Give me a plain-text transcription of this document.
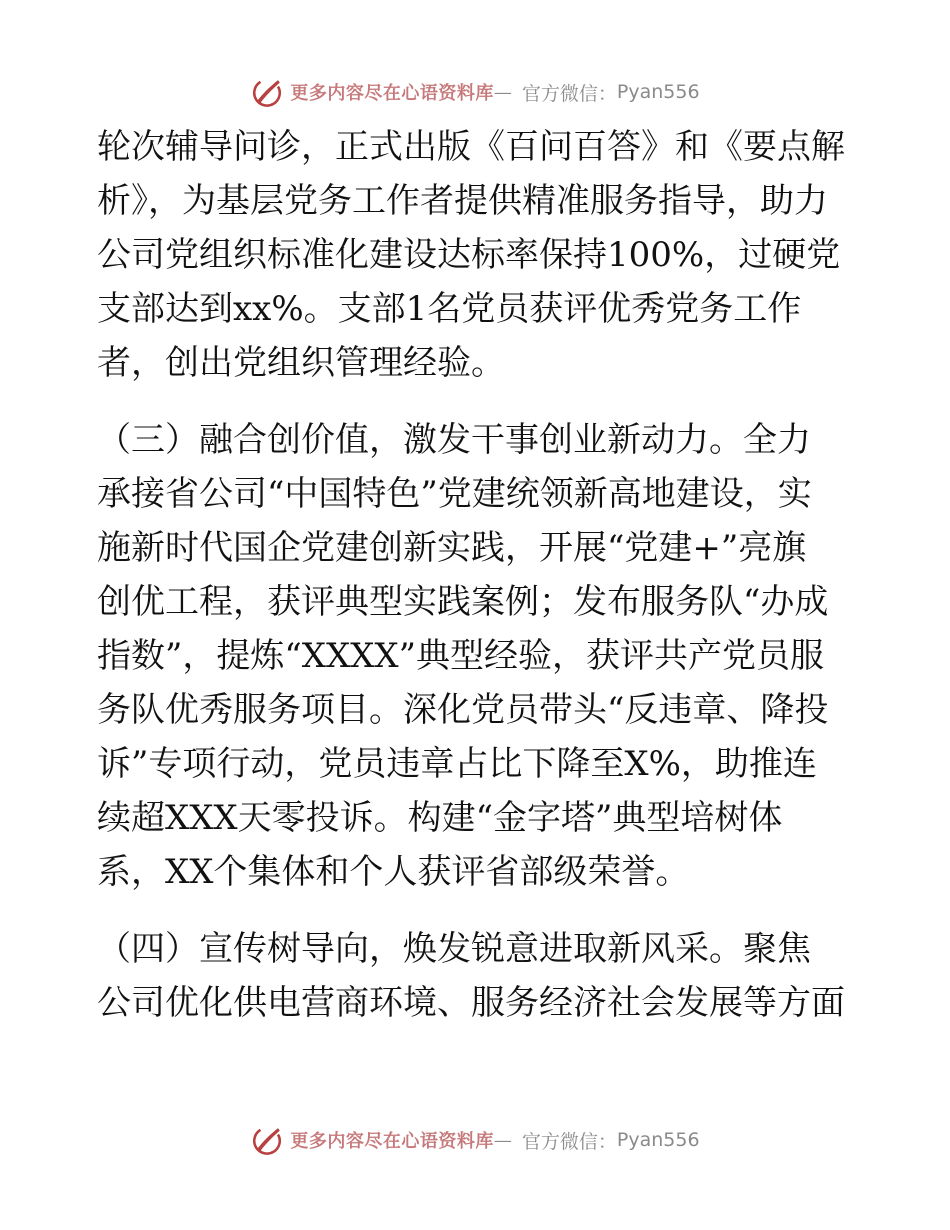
更多内容尽在心语资料库 — 官方微信： Pyan556

轮次辅导问诊，正式出版《百问百答》和《要点解
析》，为基层党务工作者提供精准服务指导，助力
公司党组织标准化建设达标率保持100%，过硬党
支部达到xx%。支部1名党员获评优秀党务工作
者，创出党组织管理经验。

（三）融合创价值，激发干事创业新动力。全力
承接省公司“中国特色”党建统领新高地建设，实
施新时代国企党建创新实践，开展“党建+”亮旗
创优工程，获评典型实践案例；发布服务队“办成
指数”，提炼“XXXX”典型经验，获评共产党员服
务队优秀服务项目。深化党员带头“反违章、降投
诉”专项行动，党员违章占比下降至X%，助推连
续超XXX天零投诉。构建“金字塔”典型培树体
系，XX个集体和个人获评省部级荣誉。

（四）宣传树导向，焕发锐意进取新风采。聚焦
公司优化供电营商环境、服务经济社会发展等方面

更多内容尽在心语资料库 — 官方微信： Pyan556
